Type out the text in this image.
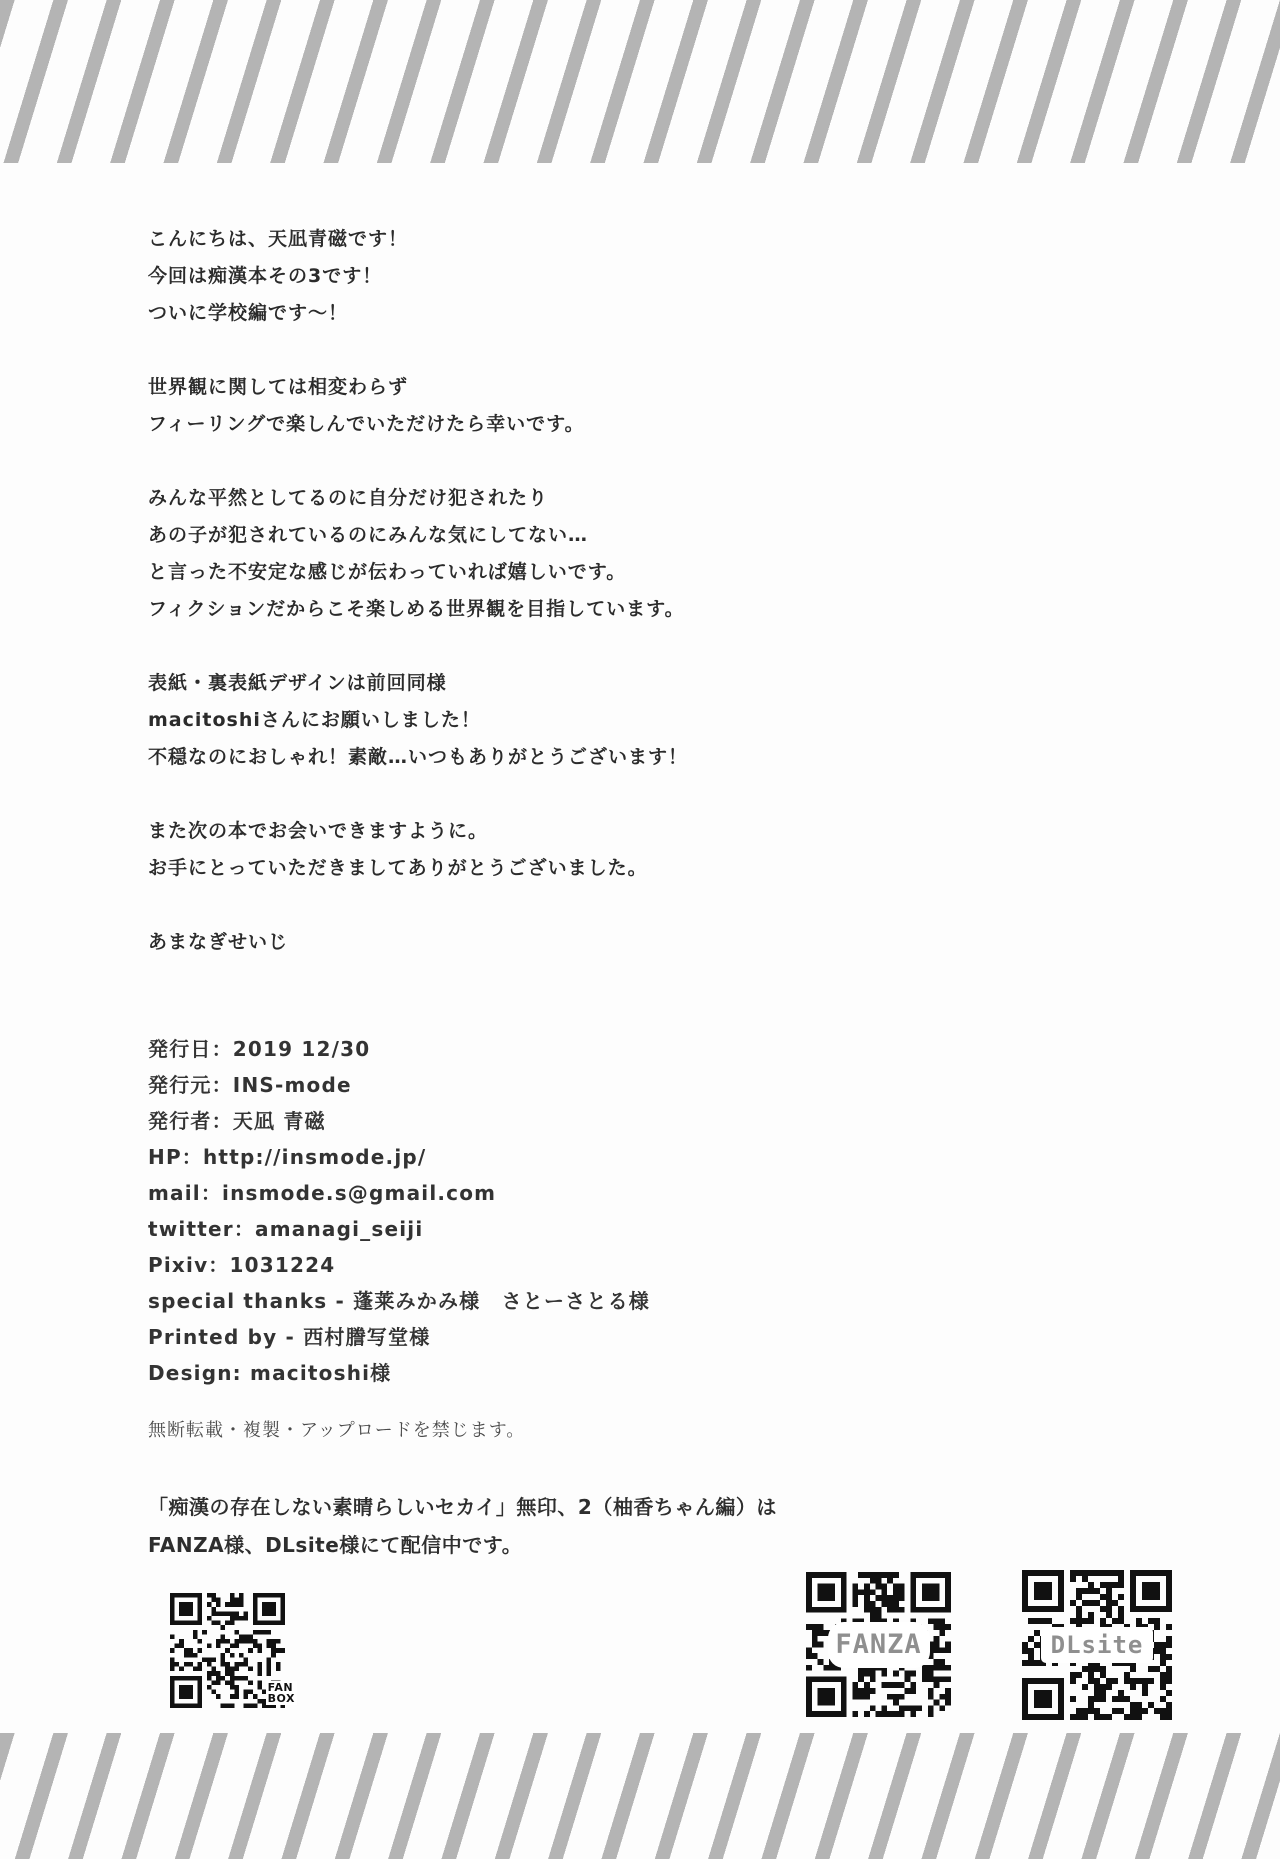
こんにちは、天凪青磁です！
今回は痴漢本その3です！
ついに学校編です～！
世界観に関しては相変わらず
フィーリングで楽しんでいただけたら幸いです。
みんな平然としてるのに自分だけ犯されたり
あの子が犯されているのにみんな気にしてない…
と言った不安定な感じが伝わっていれば嬉しいです。
フィクションだからこそ楽しめる世界観を目指しています。
表紙・裏表紙デザインは前回同様
macitoshiさんにお願いしました！
不穏なのにおしゃれ！素敵…いつもありがとうございます！
また次の本でお会いできますように。
お手にとっていただきましてありがとうございました。
あまなぎせいじ
発行日：2019 12/30
発行元：INS-mode
発行者：天凪 青磁
HP：http://insmode.jp/
mail：insmode.s@gmail.com
twitter：amanagi_seiji
Pixiv：1031224
special thanks - 蓬莱みかみ様　さとーさとる様
Printed by - 西村謄写堂様
Design: macitoshi様
無断転載・複製・アップロードを禁じます。
「痴漢の存在しない素晴らしいセカイ」無印、2（柚香ちゃん編）は
FANZA様、DLsite様にて配信中です。
FAN
BOX
FANZA	DLsite
